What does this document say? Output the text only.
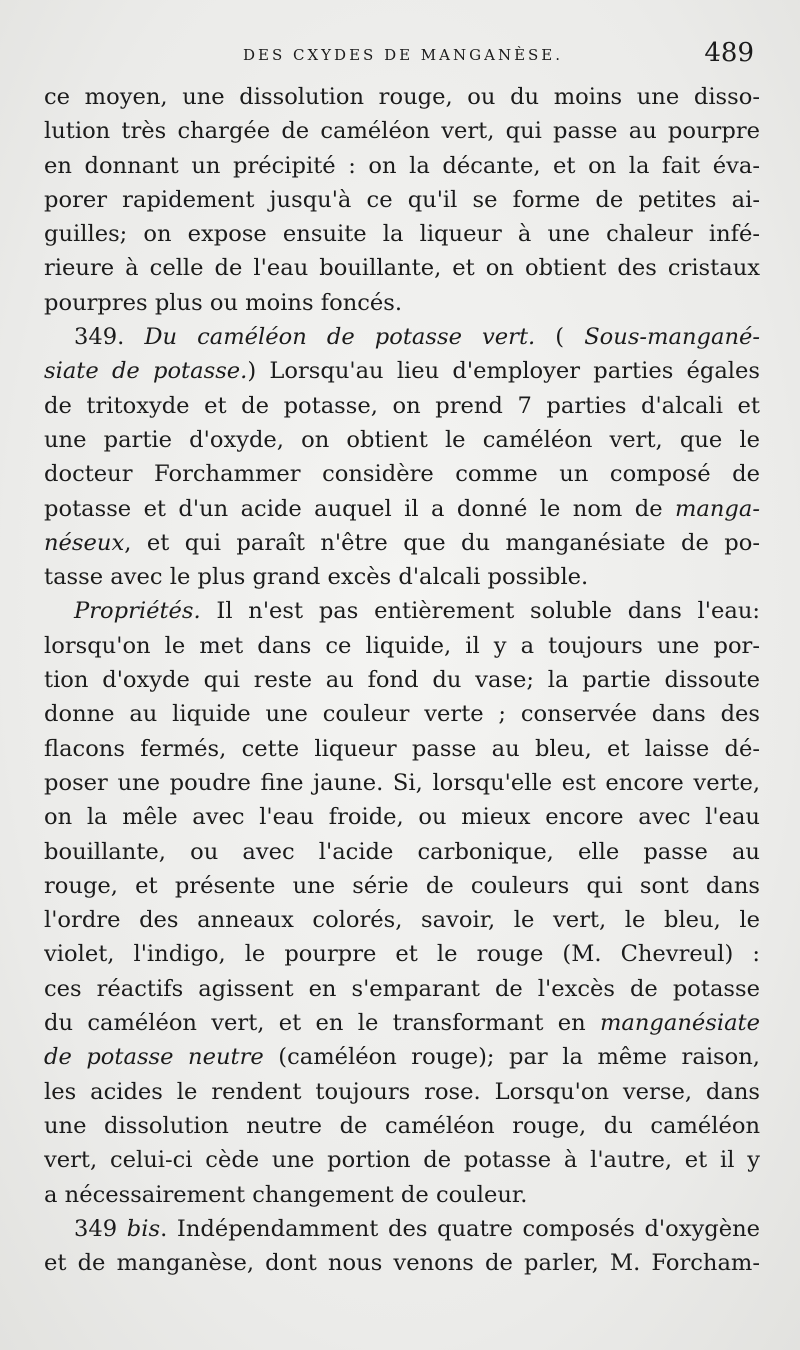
DES CXYDES DE MANGANÈSE.	489
ce moyen, une dissolution rouge, ou du moins une disso-
lution très chargée de caméléon vert, qui passe au pourpre
en donnant un précipité : on la décante, et on la fait éva-
porer rapidement jusqu'à ce qu'il se forme de petites ai-
guilles; on expose ensuite la liqueur à une chaleur infé-
rieure à celle de l'eau bouillante, et on obtient des cristaux
pourpres plus ou moins foncés.
349. Du caméléon de potasse vert. ( Sous-mangané-
siate de potasse.) Lorsqu'au lieu d'employer parties égales
de tritoxyde et de potasse, on prend 7 parties d'alcali et
une partie d'oxyde, on obtient le caméléon vert, que le
docteur Forchammer considère comme un composé de
potasse et d'un acide auquel il a donné le nom de manga-
néseux, et qui paraît n'être que du manganésiate de po-
tasse avec le plus grand excès d'alcali possible.
Propriétés. Il n'est pas entièrement soluble dans l'eau:
lorsqu'on le met dans ce liquide, il y a toujours une por-
tion d'oxyde qui reste au fond du vase; la partie dissoute
donne au liquide une couleur verte ; conservée dans des
flacons fermés, cette liqueur passe au bleu, et laisse dé-
poser une poudre fine jaune. Si, lorsqu'elle est encore verte,
on la mêle avec l'eau froide, ou mieux encore avec l'eau
bouillante, ou avec l'acide carbonique, elle passe au
rouge, et présente une série de couleurs qui sont dans
l'ordre des anneaux colorés, savoir, le vert, le bleu, le
violet, l'indigo, le pourpre et le rouge (M. Chevreul) :
ces réactifs agissent en s'emparant de l'excès de potasse
du caméléon vert, et en le transformant en manganésiate
de potasse neutre (caméléon rouge); par la même raison,
les acides le rendent toujours rose. Lorsqu'on verse, dans
une dissolution neutre de caméléon rouge, du caméléon
vert, celui-ci cède une portion de potasse à l'autre, et il y
a nécessairement changement de couleur.
349 bis. Indépendamment des quatre composés d'oxygène
et de manganèse, dont nous venons de parler, M. Forcham-
